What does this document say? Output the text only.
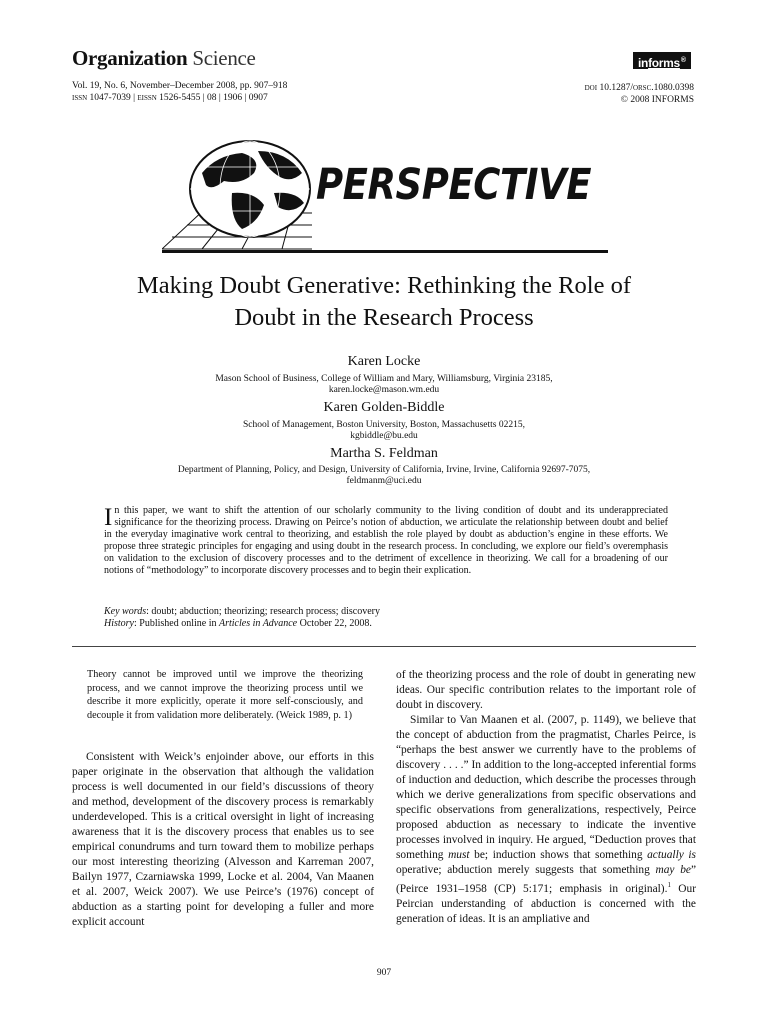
Organization Science
Vol. 19, No. 6, November–December 2008, pp. 907–918
issn 1047-7039 | eissn 1526-5455 | 08 | 1906 | 0907
informs®
doi 10.1287/orsc.1080.0398
© 2008 INFORMS
PERSPECTIVE
Making Doubt Generative: Rethinking the Role of
Doubt in the Research Process
Karen Locke
Mason School of Business, College of William and Mary, Williamsburg, Virginia 23185,
karen.locke@mason.wm.edu
Karen Golden-Biddle
School of Management, Boston University, Boston, Massachusetts 02215,
kgbiddle@bu.edu
Martha S. Feldman
Department of Planning, Policy, and Design, University of California, Irvine, Irvine, California 92697-7075,
feldmanm@uci.edu
In this paper, we want to shift the attention of our scholarly community to the living condition of doubt and its underappreciated significance for the theorizing process. Drawing on Peirce’s notion of abduction, we articulate the relationship between doubt and belief in the everyday imaginative work central to theorizing, and establish the role played by doubt as abduction’s engine in these efforts. We propose three strategic principles for engaging and using doubt in the research process. In concluding, we explore our field’s overemphasis on validation to the exclusion of discovery processes and to the detriment of excellence in theorizing. We call for a broadening of our notions of “methodology” to incorporate discovery processes and to begin their explication.
Key words: doubt; abduction; theorizing; research process; discovery
History: Published online in Articles in Advance October 22, 2008.
Theory cannot be improved until we improve the theorizing process, and we cannot improve the theorizing process until we describe it more explicitly, operate it more self-consciously, and decouple it from validation more deliberately. (Weick 1989, p. 1)

Consistent with Weick’s enjoinder above, our efforts in this paper originate in the observation that although the validation process is well documented in our field’s discussions of theory and method, development of the discovery process is remarkably underdeveloped. This is a critical oversight in light of increasing awareness that it is the discovery process that enables us to see empirical conundrums and turn toward them to mobilize perhaps our most interesting theorizing (Alvesson and Karreman 2007, Bailyn 1977, Czarniawska 1999, Locke et al. 2004, Van Maanen et al. 2007, Weick 2007). We use Peirce’s (1976) concept of abduction as a starting point for developing a fuller and more explicit account

of the theorizing process and the role of doubt in generating new ideas. Our specific contribution relates to the important role of doubt in discovery.

Similar to Van Maanen et al. (2007, p. 1149), we believe that the concept of abduction from the pragmatist, Charles Peirce, is “perhaps the best answer we currently have to the problems of discovery . . . .” In addition to the long-accepted inferential forms of induction and deduction, which describe the processes through which we derive generalizations from specific observations and specific observations from generalizations, respectively, Peirce proposed abduction as necessary to indicate the inventive processes involved in inquiry. He argued, “Deduction proves that something must be; induction shows that something actually is operative; abduction merely suggests that something may be” (Peirce 1931–1958 (CP) 5:171; emphasis in original).$^1$ Our Peircian understanding of abduction is concerned with the generation of ideas. It is an ampliative and

907
